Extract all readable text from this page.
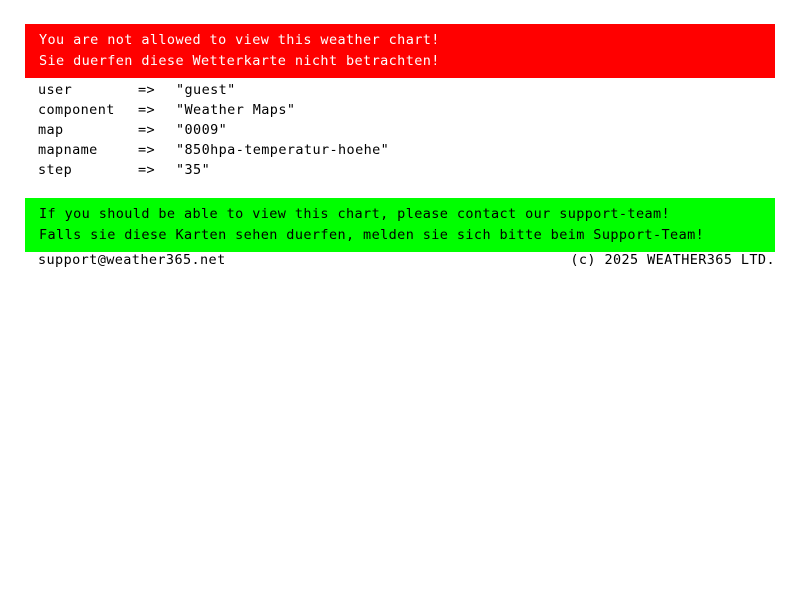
You are not allowed to view this weather chart!
Sie duerfen diese Wetterkarte nicht betrachten!
user	=>	"guest"
component	=>	"Weather Maps"
map	=>	"0009"
mapname	=>	"850hpa-temperatur-hoehe"
step	=>	"35"
If you should be able to view this chart, please contact our support-team!
Falls sie diese Karten sehen duerfen, melden sie sich bitte beim Support-Team!
support@weather365.net	(c) 2025 WEATHER365 LTD.
